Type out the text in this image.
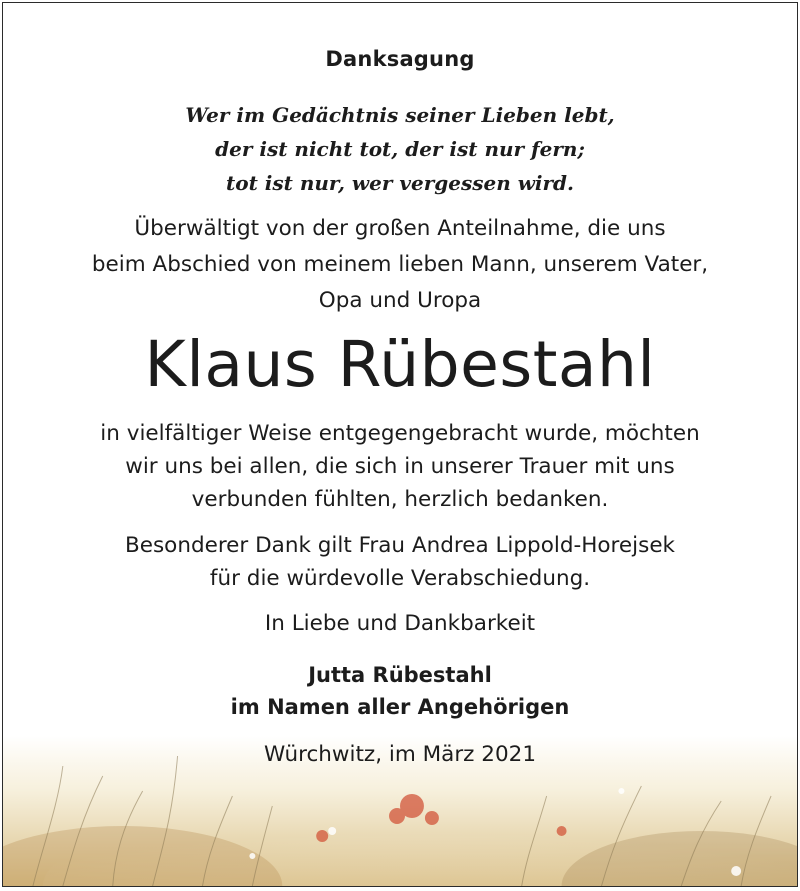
Danksagung
Wer im Gedächtnis seiner Lieben lebt,
der ist nicht tot, der ist nur fern;
tot ist nur, wer vergessen wird.
Überwältigt von der großen Anteilnahme, die uns
beim Abschied von meinem lieben Mann, unserem Vater,
Opa und Uropa
Klaus Rübestahl
in vielfältiger Weise entgegengebracht wurde, möchten
wir uns bei allen, die sich in unserer Trauer mit uns
verbunden fühlten, herzlich bedanken.
Besonderer Dank gilt Frau Andrea Lippold-Horejsek
für die würdevolle Verabschiedung.
In Liebe und Dankbarkeit
Jutta Rübestahl
im Namen aller Angehörigen
Würchwitz, im März 2021
